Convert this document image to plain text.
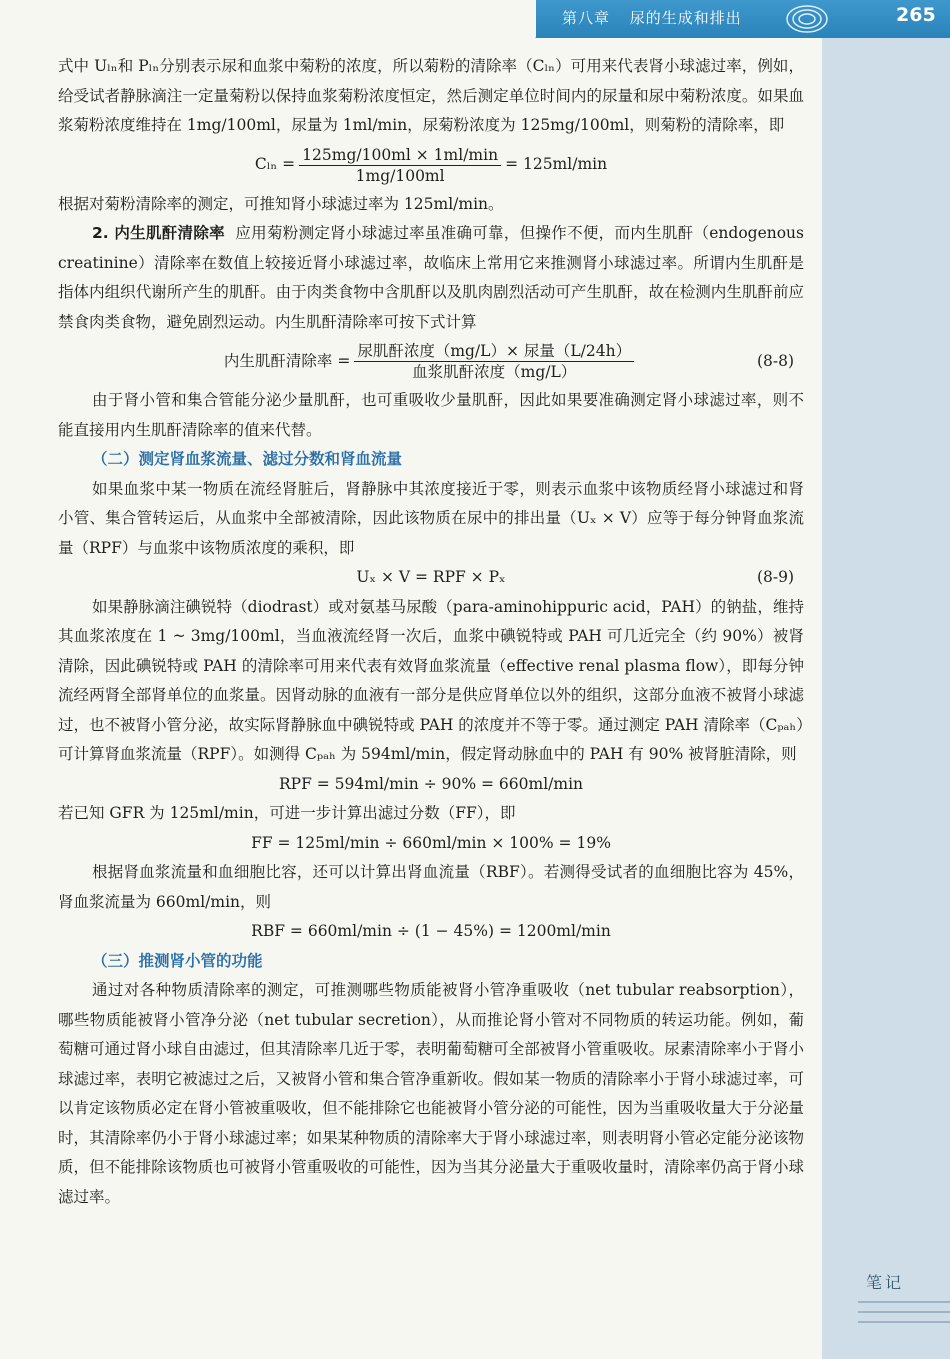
第八章 尿的生成和排出	265
笔记

式中 Uₗₙ和 Pₗₙ分别表示尿和血浆中菊粉的浓度，所以菊粉的清除率（Cₗₙ）可用来代表肾小球滤过率，例如，给受试者静脉滴注一定量菊粉以保持血浆菊粉浓度恒定，然后测定单位时间内的尿量和尿中菊粉浓度。如果血浆菊粉浓度维持在 1mg/100ml，尿量为 1ml/min，尿菊粉浓度为 125mg/100ml，则菊粉的清除率，即

$C_{ln} = \frac{125mg/100ml \times 1ml/\min}{1mg/100ml} = 125ml/\min$

根据对菊粉清除率的测定，可推知肾小球滤过率为 125ml/min。

2. 内生肌酐清除率 应用菊粉测定肾小球滤过率虽准确可靠，但操作不便，而内生肌酐（endogenous creatinine）清除率在数值上较接近肾小球滤过率，故临床上常用它来推测肾小球滤过率。所谓内生肌酐是指体内组织代谢所产生的肌酐。由于肉类食物中含肌酐以及肌肉剧烈活动可产生肌酐，故在检测内生肌酐前应禁食肉类食物，避免剧烈运动。内生肌酐清除率可按下式计算

内生肌酐清除率 = $\frac{\text{尿肌酐浓度（mg/L）× 尿量（L/24h）}}{\text{血浆肌酐浓度（mg/L）}}$	(8-8)

由于肾小管和集合管能分泌少量肌酐，也可重吸收少量肌酐，因此如果要准确测定肾小球滤过率，则不能直接用内生肌酐清除率的值来代替。

（二）测定肾血浆流量、滤过分数和肾血流量

如果血浆中某一物质在流经肾脏后，肾静脉中其浓度接近于零，则表示血浆中该物质经肾小球滤过和肾小管、集合管转运后，从血浆中全部被清除，因此该物质在尿中的排出量（Uₓ × V）应等于每分钟肾血浆流量（RPF）与血浆中该物质浓度的乘积，即

Uₓ × V = RPF × Pₓ	(8-9)

如果静脉滴注碘锐特（diodrast）或对氨基马尿酸（para-aminohippuric acid，PAH）的钠盐，维持其血浆浓度在 1 ~ 3mg/100ml，当血液流经肾一次后，血浆中碘锐特或 PAH 可几近完全（约 90%）被肾清除，因此碘锐特或 PAH 的清除率可用来代表有效肾血浆流量（effective renal plasma flow），即每分钟流经两肾全部肾单位的血浆量。因肾动脉的血液有一部分是供应肾单位以外的组织，这部分血液不被肾小球滤过，也不被肾小管分泌，故实际肾静脉血中碘锐特或 PAH 的浓度并不等于零。通过测定 PAH 清除率（Cₚₐₕ）可计算肾血浆流量（RPF）。如测得 Cₚₐₕ 为 594ml/min，假定肾动脉血中的 PAH 有 90% 被肾脏清除，则

RPF = 594ml/min ÷ 90% = 660ml/min

若已知 GFR 为 125ml/min，可进一步计算出滤过分数（FF），即

FF = 125ml/min ÷ 660ml/min × 100% = 19%

根据肾血浆流量和血细胞比容，还可以计算出肾血流量（RBF）。若测得受试者的血细胞比容为 45%，肾血浆流量为 660ml/min，则

RBF = 660ml/min ÷ (1 − 45%) = 1200ml/min

（三）推测肾小管的功能

通过对各种物质清除率的测定，可推测哪些物质能被肾小管净重吸收（net tubular reabsorption），哪些物质能被肾小管净分泌（net tubular secretion），从而推论肾小管对不同物质的转运功能。例如，葡萄糖可通过肾小球自由滤过，但其清除率几近于零，表明葡萄糖可全部被肾小管重吸收。尿素清除率小于肾小球滤过率，表明它被滤过之后，又被肾小管和集合管净重新收。假如某一物质的清除率小于肾小球滤过率，可以肯定该物质必定在肾小管被重吸收，但不能排除它也能被肾小管分泌的可能性，因为当重吸收量大于分泌量时，其清除率仍小于肾小球滤过率；如果某种物质的清除率大于肾小球滤过率，则表明肾小管必定能分泌该物质，但不能排除该物质也可被肾小管重吸收的可能性，因为当其分泌量大于重吸收量时，清除率仍高于肾小球滤过率。
